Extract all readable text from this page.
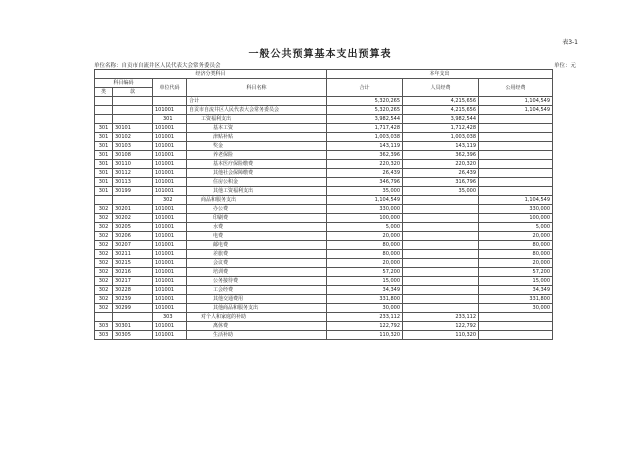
表3-1
一般公共预算基本支出预算表
单位名称：自贡市自流井区人民代表大会常务委员会	单位：元
经济分类科目				本年支出		
科目编码		单位代码	科目名称	合计	人员经费	公用经费
类	款					
			合计	5,320,265	4,215,656	1,104,549
		101001	自贡市自流井区人民代表大会常务委员会	5,320,265	4,215,656	1,104,549
		301	工资福利支出	3,982,544	3,982,544	
301	30101	101001	基本工资	1,717,428	1,712,428	
301	30102	101001	津贴补贴	1,003,038	1,003,038	
301	30103	101001	奖金	143,119	143,119	
301	30108	101001	养老保险	362,396	362,396	
301	30110	101001	基本医疗保险缴费	220,320	220,320	
301	30112	101001	其他社会保障缴费	26,439	26,439	
301	30113	101001	住房公积金	346,796	316,796	
301	30199	101001	其他工资福利支出	35,000	35,000	
		302	商品和服务支出	1,104,549		1,104,549
302	30201	101001	办公费	330,000		330,000
302	30202	101001	印刷费	100,000		100,000
302	30205	101001	水费	5,000		5,000
302	30206	101001	电费	20,000		20,000
302	30207	101001	邮电费	80,000		80,000
302	30211	101001	差旅费	80,000		80,000
302	30215	101001	会议费	20,000		20,000
302	30216	101001	培训费	57,200		57,200
302	30217	101001	公务接待费	15,000		15,000
302	30228	101001	工会经费	34,349		34,349
302	30239	101001	其他交通费用	331,800		331,800
302	30299	101001	其他商品和服务支出	30,000		30,000
		303	对个人和家庭的补助	233,112	233,112	
303	30301	101001	离休费	122,792	122,792	
303	30305	101001	生活补助	110,320	110,320	
